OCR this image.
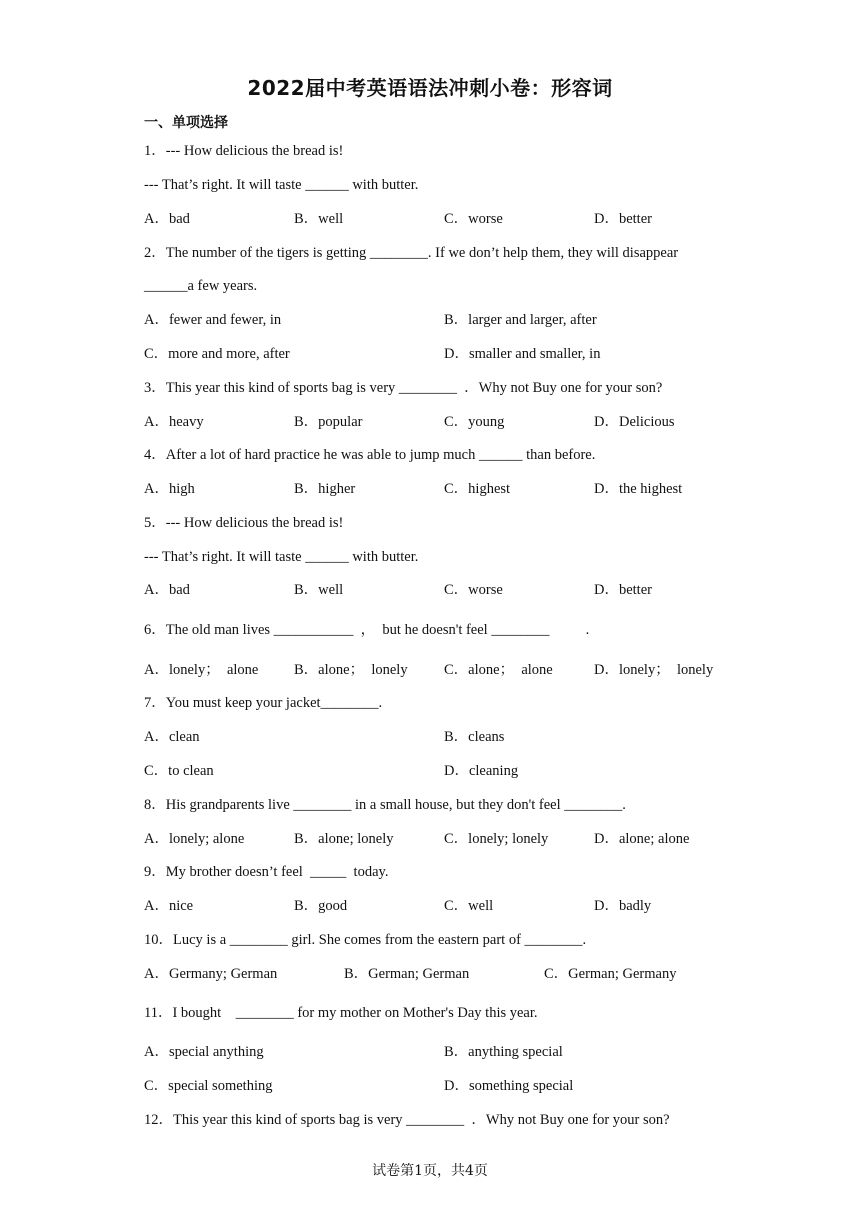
2022届中考英语语法冲刺小卷：形容词
一、单项选择
1．--- How delicious the bread is!
--- That’s right. It will taste ______ with butter.
A．bad	B．well	C．worse	D．better
2．The number of the tigers is getting ________. If we don’t help them, they will disappear
______a few years.
A．fewer and fewer, in	B．larger and larger, after
C．more and more, after	D．smaller and smaller, in
3．This year this kind of sports bag is very ________  ．Why not Buy one for your son?
A．heavy	B．popular	C．young	D．Delicious
4．After a lot of hard practice he was able to jump much ______ than before.
A．high	B．higher	C．highest	D．the highest
5．--- How delicious the bread is!
--- That’s right. It will taste ______ with butter.
A．bad	B．well	C．worse	D．better
6．The old man lives ___________  ，  but he doesn't feel ________          .
A．lonely；  alone B．alone；  lonely	C．alone；  alone	D．lonely；  lonely
7．You must keep your jacket________.
A．clean	B．cleans
C．to clean	D．cleaning
8．His grandparents live ________ in a small house, but they don't feel ________.
A．lonely; alone	B．alone; lonely	C．lonely; lonely	D．alone; alone
9．My brother doesn’t feel  _____  today.
A．nice	B．good	C．well	D．badly
10．Lucy is a ________ girl. She comes from the eastern part of ________.
A．Germany; German	B．German; German	C．German; Germany
11．I bought    ________ for my mother on Mother's Day this year.
A．special anything	B．anything special
C．special something	D．something special
12．This year this kind of sports bag is very ________  ．Why not Buy one for your son?
试卷第1页，共4页
